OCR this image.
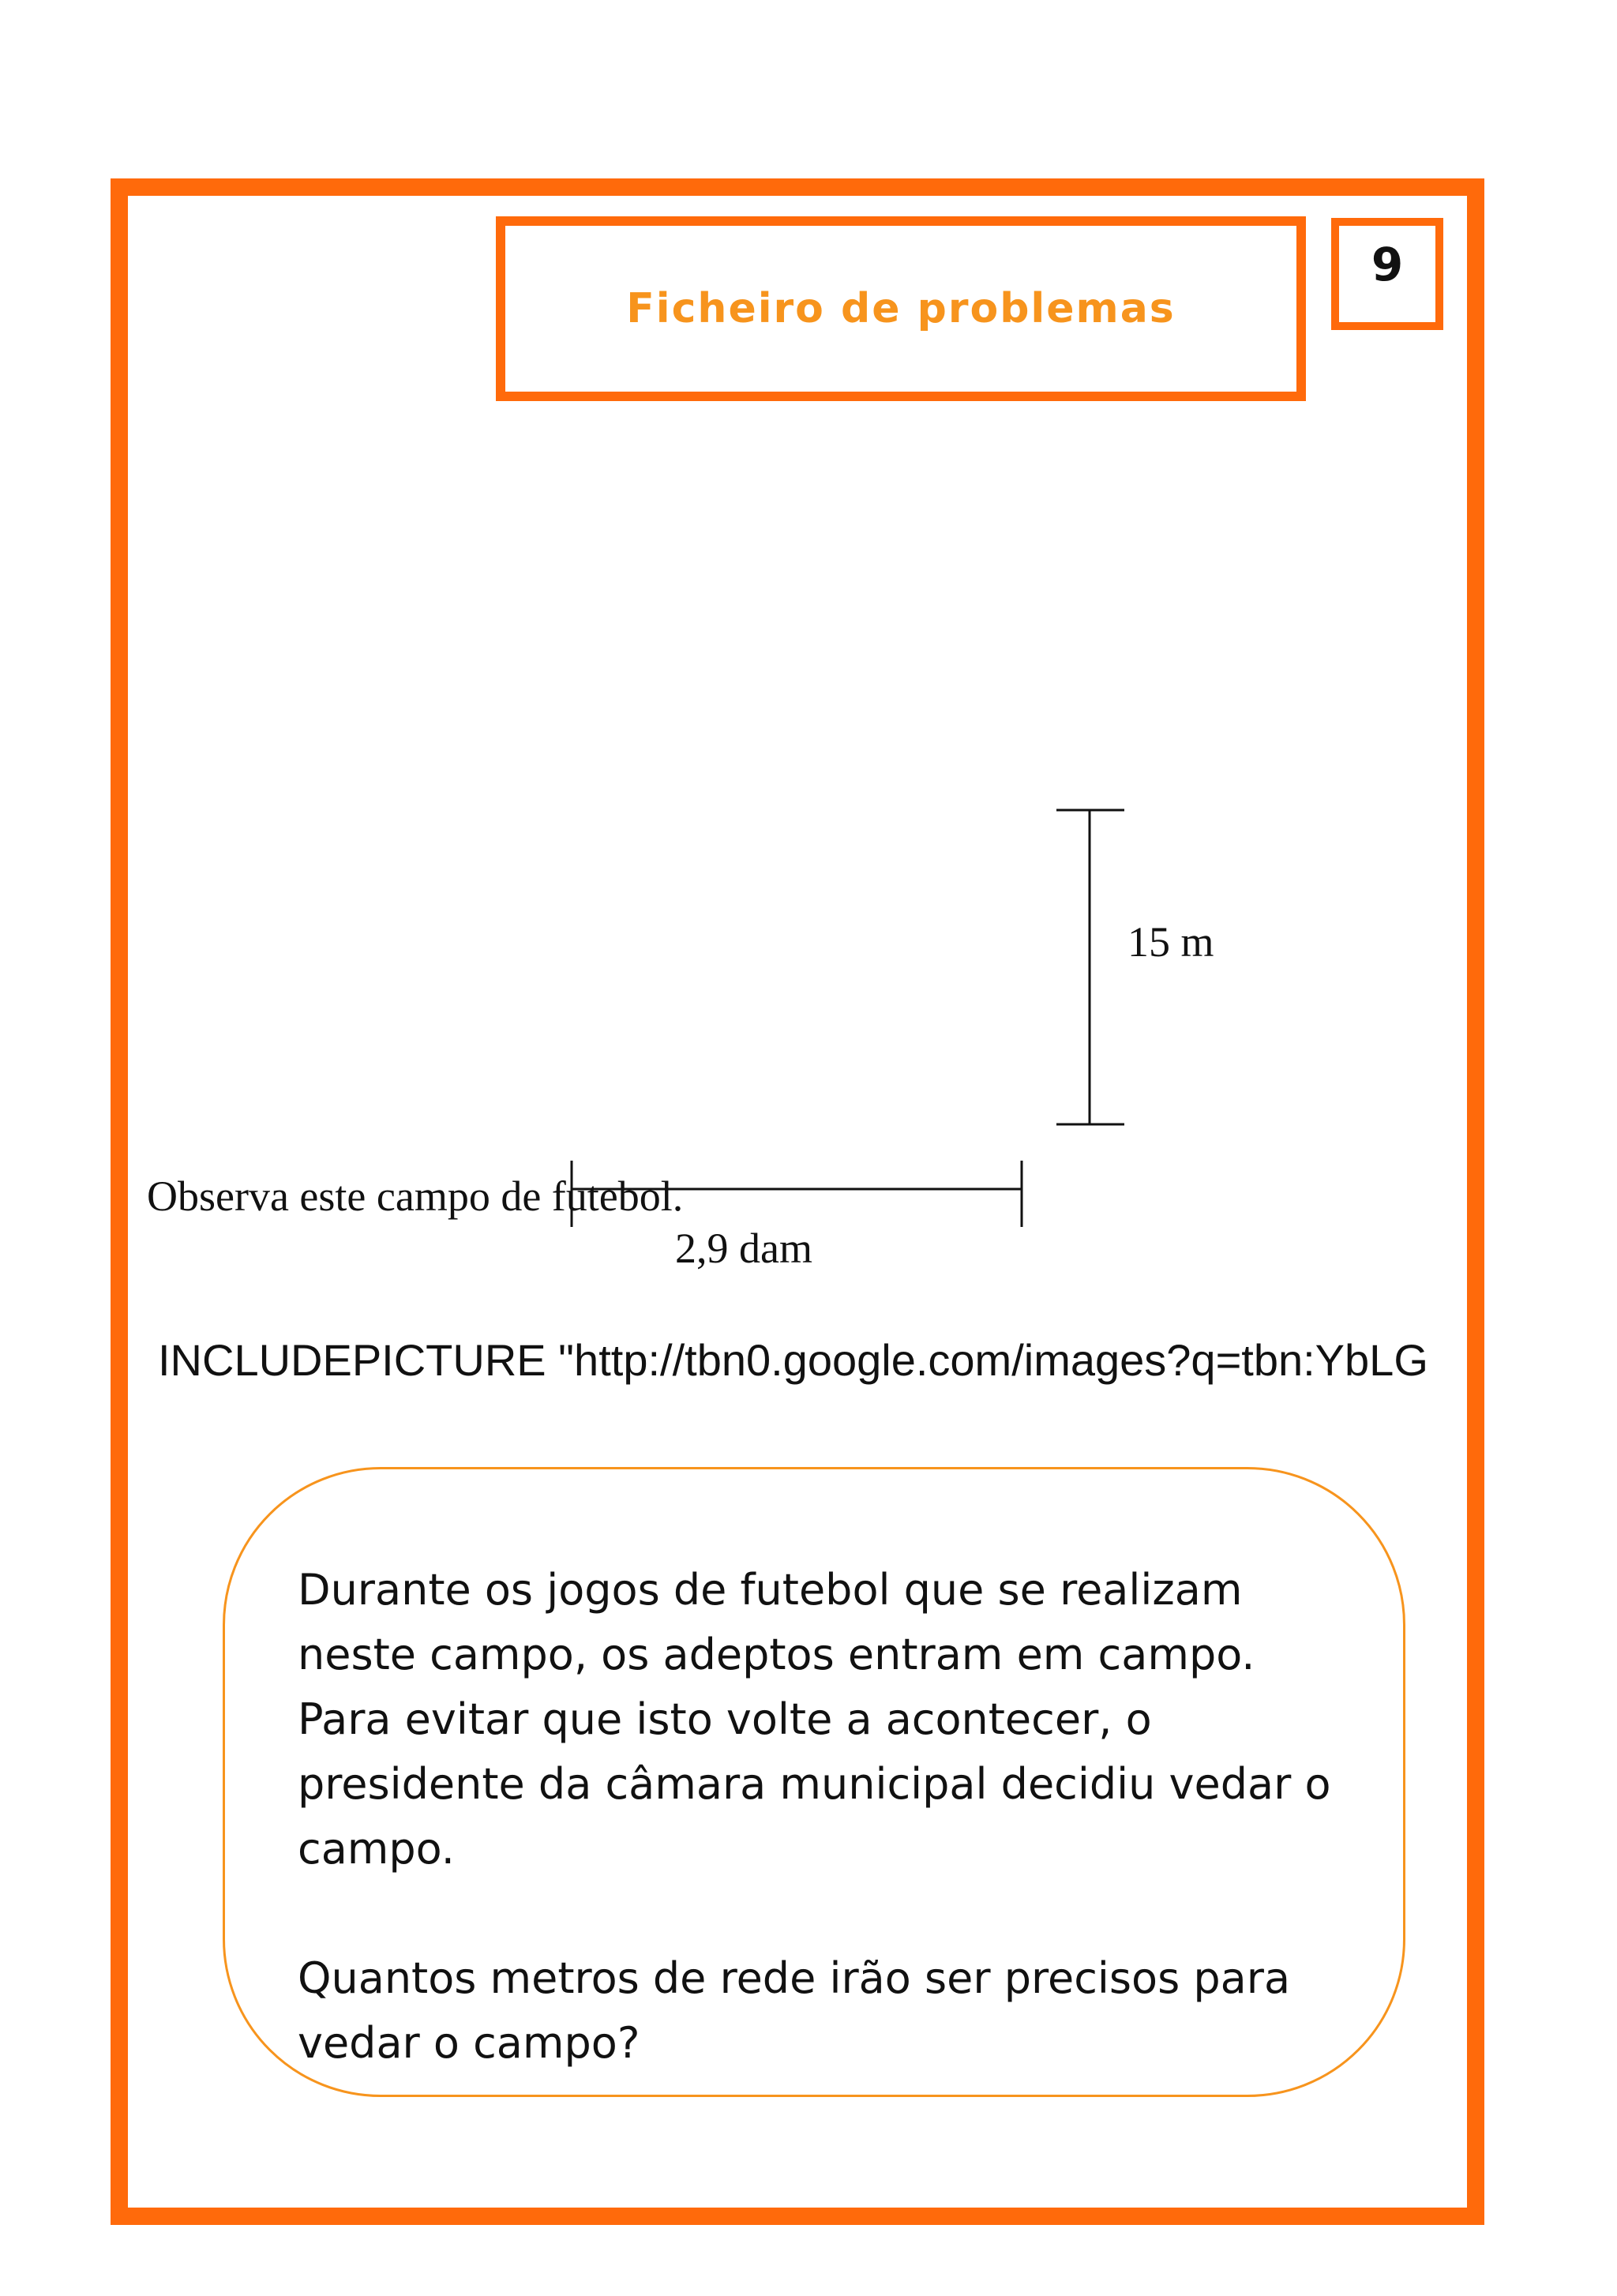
Ficheiro de problemas
9
15 m
Observa este campo de futebol.
2,9 dam
INCLUDEPICTURE "http://tbn0.google.com/images?q=tbn:YbLG

Durante os jogos de futebol que se realizam neste campo, os adeptos entram em campo. Para evitar que isto volte a acontecer, o presidente da câmara municipal decidiu vedar o campo.

Quantos metros de rede irão ser precisos para vedar o campo?
